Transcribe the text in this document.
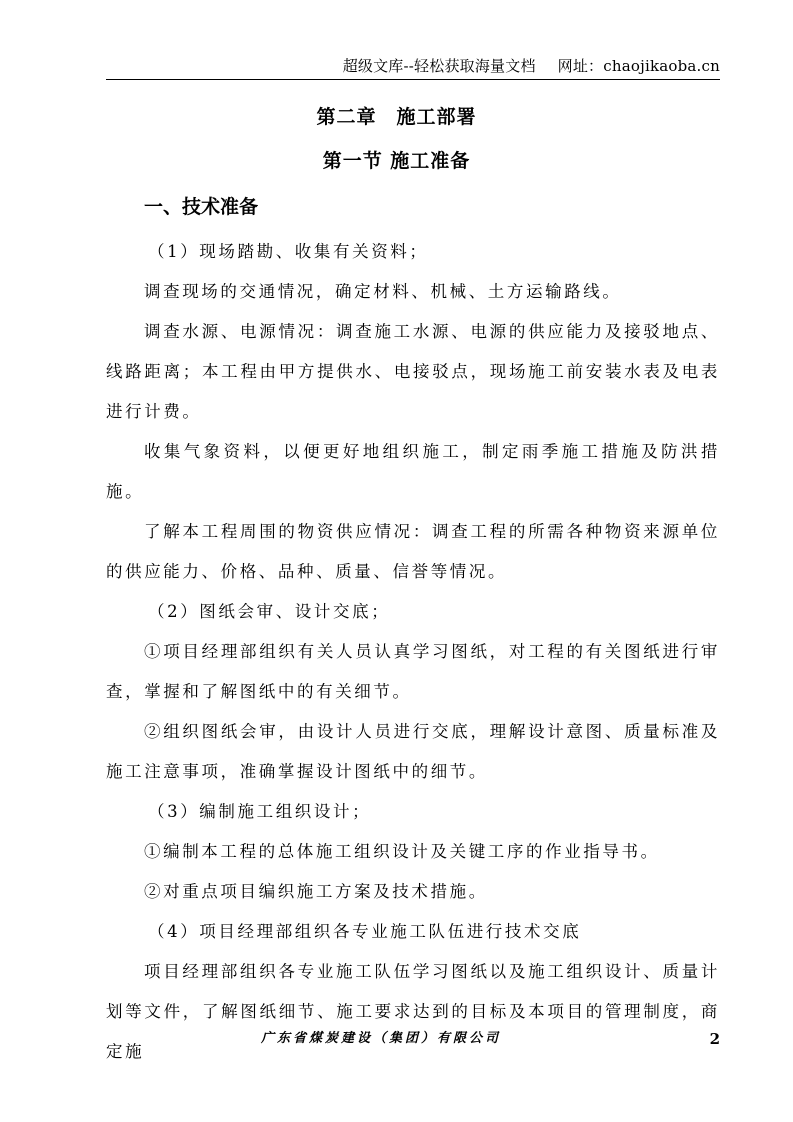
超级文库--轻松获取海量文档 网址：chaojikaoba.cn
第二章　施工部署
第一节 施工准备
一、技术准备

（1）现场踏勘、收集有关资料；

调查现场的交通情况，确定材料、机械、土方运输路线。

调查水源、电源情况：调查施工水源、电源的供应能力及接驳地点、线路距离；本工程由甲方提供水、电接驳点，现场施工前安装水表及电表进行计费。

收集气象资料，以便更好地组织施工，制定雨季施工措施及防洪措施。

了解本工程周围的物资供应情况：调查工程的所需各种物资来源单位的供应能力、价格、品种、质量、信誉等情况。

（2）图纸会审、设计交底；

①项目经理部组织有关人员认真学习图纸，对工程的有关图纸进行审查，掌握和了解图纸中的有关细节。

②组织图纸会审，由设计人员进行交底，理解设计意图、质量标准及施工注意事项，准确掌握设计图纸中的细节。

（3）编制施工组织设计；

①编制本工程的总体施工组织设计及关键工序的作业指导书。

②对重点项目编织施工方案及技术措施。

（4）项目经理部组织各专业施工队伍进行技术交底

项目经理部组织各专业施工队伍学习图纸以及施工组织设计、质量计划等文件，了解图纸细节、施工要求达到的目标及本项目的管理制度，商定施

广东省煤炭建设（集团）有限公司	2
